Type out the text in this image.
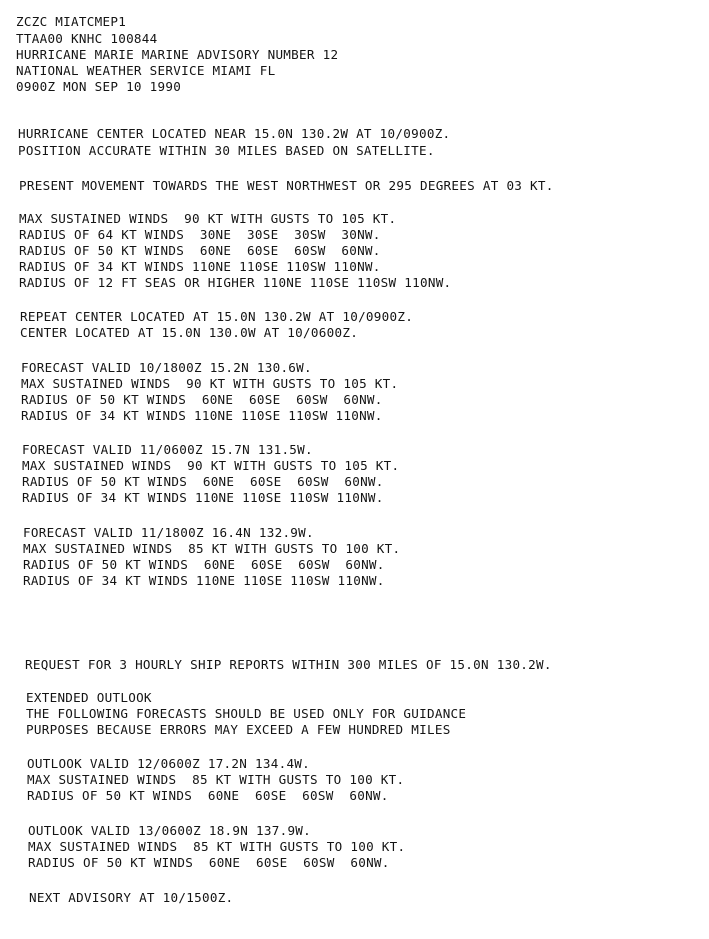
ZCZC MIATCMEP1
TTAA00 KNHC 100844
HURRICANE MARIE MARINE ADVISORY NUMBER 12
NATIONAL WEATHER SERVICE MIAMI FL
0900Z MON SEP 10 1990
HURRICANE CENTER LOCATED NEAR 15.0N 130.2W AT 10/0900Z.
POSITION ACCURATE WITHIN 30 MILES BASED ON SATELLITE.
PRESENT MOVEMENT TOWARDS THE WEST NORTHWEST OR 295 DEGREES AT 03 KT.
MAX SUSTAINED WINDS  90 KT WITH GUSTS TO 105 KT.
RADIUS OF 64 KT WINDS  30NE  30SE  30SW  30NW.
RADIUS OF 50 KT WINDS  60NE  60SE  60SW  60NW.
RADIUS OF 34 KT WINDS 110NE 110SE 110SW 110NW.
RADIUS OF 12 FT SEAS OR HIGHER 110NE 110SE 110SW 110NW.
REPEAT CENTER LOCATED AT 15.0N 130.2W AT 10/0900Z.
CENTER LOCATED AT 15.0N 130.0W AT 10/0600Z.
FORECAST VALID 10/1800Z 15.2N 130.6W.
MAX SUSTAINED WINDS  90 KT WITH GUSTS TO 105 KT.
RADIUS OF 50 KT WINDS  60NE  60SE  60SW  60NW.
RADIUS OF 34 KT WINDS 110NE 110SE 110SW 110NW.
FORECAST VALID 11/0600Z 15.7N 131.5W.
MAX SUSTAINED WINDS  90 KT WITH GUSTS TO 105 KT.
RADIUS OF 50 KT WINDS  60NE  60SE  60SW  60NW.
RADIUS OF 34 KT WINDS 110NE 110SE 110SW 110NW.
FORECAST VALID 11/1800Z 16.4N 132.9W.
MAX SUSTAINED WINDS  85 KT WITH GUSTS TO 100 KT.
RADIUS OF 50 KT WINDS  60NE  60SE  60SW  60NW.
RADIUS OF 34 KT WINDS 110NE 110SE 110SW 110NW.
REQUEST FOR 3 HOURLY SHIP REPORTS WITHIN 300 MILES OF 15.0N 130.2W.
EXTENDED OUTLOOK
THE FOLLOWING FORECASTS SHOULD BE USED ONLY FOR GUIDANCE
PURPOSES BECAUSE ERRORS MAY EXCEED A FEW HUNDRED MILES
OUTLOOK VALID 12/0600Z 17.2N 134.4W.
MAX SUSTAINED WINDS  85 KT WITH GUSTS TO 100 KT.
RADIUS OF 50 KT WINDS  60NE  60SE  60SW  60NW.
OUTLOOK VALID 13/0600Z 18.9N 137.9W.
MAX SUSTAINED WINDS  85 KT WITH GUSTS TO 100 KT.
RADIUS OF 50 KT WINDS  60NE  60SE  60SW  60NW.
NEXT ADVISORY AT 10/1500Z.
